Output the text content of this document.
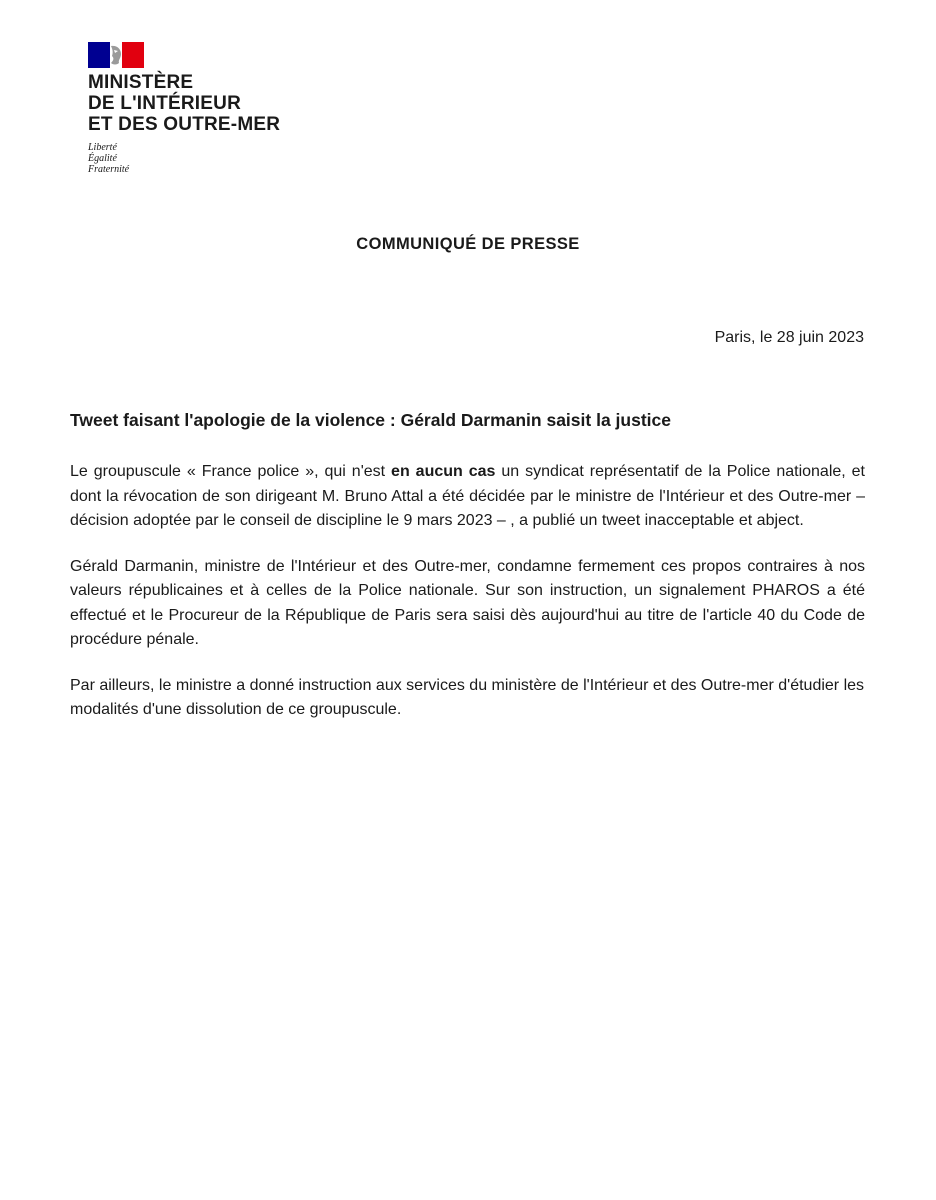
MINISTÈRE
DE L'INTÉRIEUR
ET DES OUTRE-MER
Liberté
Égalité
Fraternité
COMMUNIQUÉ DE PRESSE
Paris, le 28 juin 2023
Tweet faisant l'apologie de la violence : Gérald Darmanin saisit la justice

Le groupuscule « France police », qui n'est en aucun cas un syndicat représentatif de la Police nationale, et dont la révocation de son dirigeant M. Bruno Attal a été décidée par le ministre de l'Intérieur et des Outre-mer – décision adoptée par le conseil de discipline le 9 mars 2023 – , a publié un tweet inacceptable et abject.

Gérald Darmanin, ministre de l'Intérieur et des Outre-mer, condamne fermement ces propos contraires à nos valeurs républicaines et à celles de la Police nationale. Sur son instruction, un signalement PHAROS a été effectué et le Procureur de la République de Paris sera saisi dès aujourd'hui au titre de l'article 40 du Code de procédure pénale.

Par ailleurs, le ministre a donné instruction aux services du ministère de l'Intérieur et des Outre-mer d'étudier les modalités d'une dissolution de ce groupuscule.
